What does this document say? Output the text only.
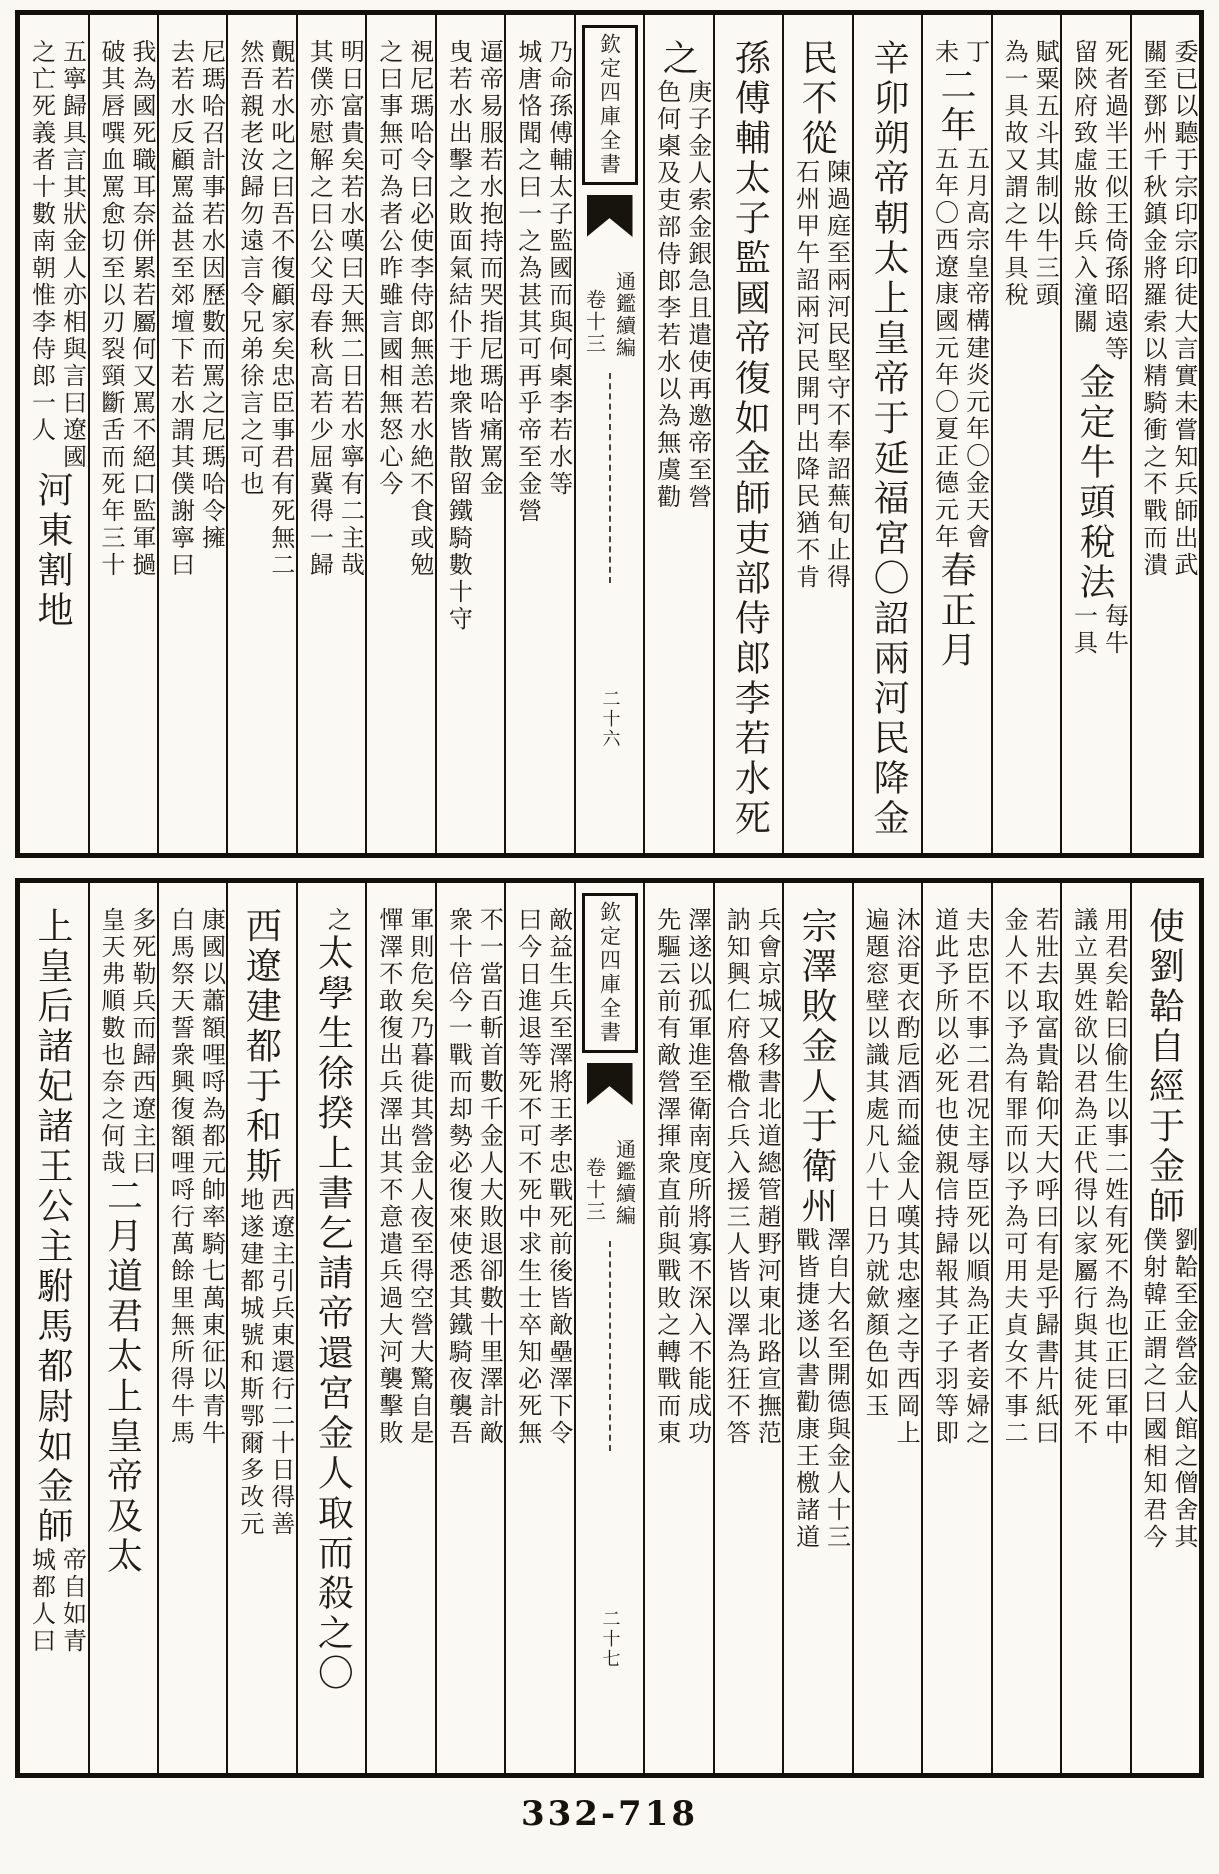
委已以聽于宗印宗印徒大言實未嘗知兵師出武
關至鄧州千秋鎮金將羅索以精騎衝之不戰而潰
死者過半王似王倚孫昭遠等
留陝府致虛妝餘兵入潼關
金定牛頭稅法
每牛
一具
賦粟五斗其制以牛三頭
為一具故又謂之牛具稅
丁
未
二年
五月高宗皇帝構建炎元年〇金天會
五年〇西遼康國元年〇夏正德元年
春正月
辛卯朔帝朝太上皇帝于延福宮〇詔兩河民降金
民不從
陳過庭至兩河民堅守不奉詔蕪旬止得
石州甲午詔兩河民開門出降民猶不肯
孫傅輔太子監國帝復如金師吏部侍郎李若水死
之
庚子金人索金銀急且遣使再邀帝至營
色何㮚及吏部侍郎李若水以為無虞勸
欽定四庫全書
通鑑續編
卷十三
二十六
乃命孫傅輔太子監國而與何㮚李若水等
城唐恪聞之曰一之為甚其可再乎帝至金營
逼帝易服若水抱持而哭指尼瑪哈痛罵金
曳若水出擊之敗面氣結仆于地衆皆散留鐵騎數十守
視尼瑪哈令曰必使李侍郎無恙若水絶不食或勉
之曰事無可為者公昨雖言國相無怒心今
明日富貴矣若水嘆曰天無二日若水寧有二主哉
其僕亦慰解之曰公父母春秋高若少屈冀得一歸
覿若水叱之曰吾不復顧家矣忠臣事君有死無二
然吾親老汝歸勿遠言令兄弟徐言之可也
尼瑪哈召計事若水因歷數而罵之尼瑪哈令擁
去若水反顧罵益甚至郊壇下若水謂其僕謝寧曰
我為國死職耳奈併累若屬何又罵不絕口監軍撾
破其唇噀血罵愈切至以刃裂頸斷舌而死年三十
五寧歸具言其狀金人亦相與言曰遼國
之亡死義者十數南朝惟李侍郎一人
河東割地
使劉韐自經于金師
劉韐至金營金人館之僧舍其
僕射韓正謂之曰國相知君今
用君矣韐曰偷生以事二姓有死不為也正曰軍中
議立異姓欲以君為正代得以家屬行與其徒死不
若壯去取富貴韐仰天大呼曰有是乎歸書片紙曰
金人不以予為有罪而以予為可用夫貞女不事二
夫忠臣不事二君况主辱臣死以順為正者妾婦之
道此予所以必死也使親信持歸報其子子羽等即
沐浴更衣酌卮酒而縊金人嘆其忠瘞之寺西岡上
遍題窓壁以識其處凡八十日乃就歛顏色如玉
宗澤敗金人于衛州
澤自大名至開德與金人十三
戰皆捷遂以書勸康王檄諸道
兵會京城又移書北道總管趙野河東北路宣撫范
訥知興仁府魯橵合兵入援三人皆以澤為狂不答
澤遂以孤軍進至衛南度所將寡不深入不能成功
先驅云前有敵營澤揮衆直前與戰敗之轉戰而東
欽定四庫全書
通鑑續編
卷十三
二十七
敵益生兵至澤將王孝忠戰死前後皆敵壘澤下令
曰今日進退等死不可不死中求生士卒知必死無
不一當百斬首數千金人大敗退卻數十里澤計敵
衆十倍今一戰而却勢必復來使悉其鐵騎夜襲吾
軍則危矣乃暮徙其營金人夜至得空營大驚自是
憚澤不敢復出兵澤出其不意遣兵過大河襲擊敗
之
太學生徐揆上書乞請帝還宮金人取而殺之〇
西遼建都于和斯
西遼主引兵東還行二十日得善
地遂建都城號和斯鄂爾多改元
康國以蕭額哩哷為都元帥率騎七萬東征以青牛
白馬祭天誓衆興復額哩哷行萬餘里無所得牛馬
多死勒兵而歸西遼主曰
皇天弗順數也奈之何哉
二月道君太上皇帝及太
上皇后諸妃諸王公主駙馬都尉如金師
帝自如青
城都人曰
332-718
